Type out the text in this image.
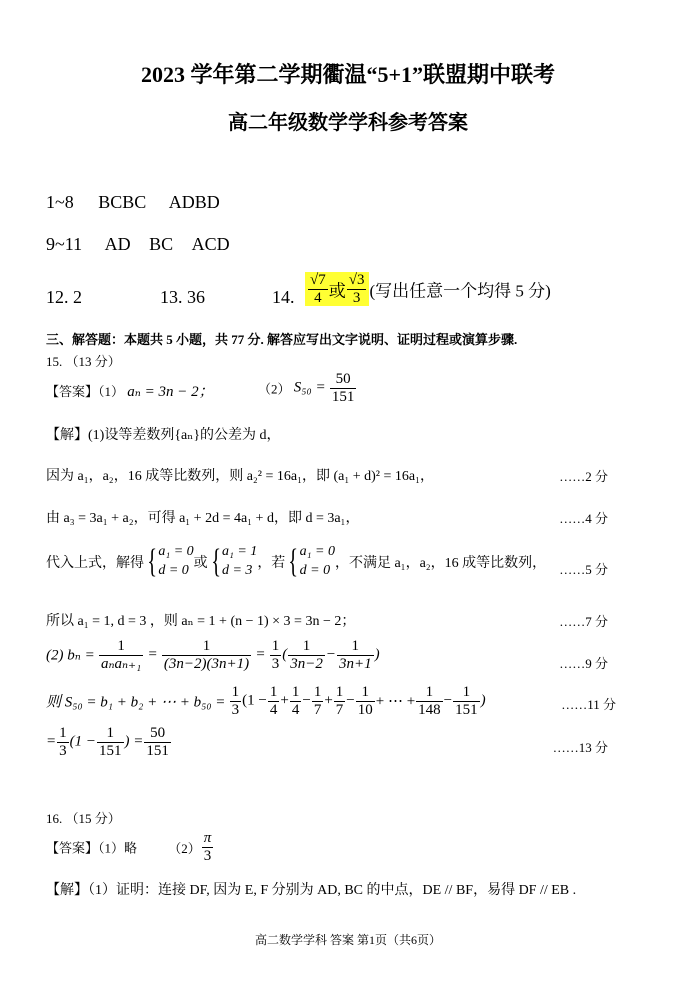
2023 学年第二学期衢温“5+1”联盟期中联考
高二年级数学学科参考答案
1~8 BCBC ADBD
9~11 AD BC ACD
12. 2	13. 36	14. $\frac{√7}{4}$ 或 $\frac{√3}{3}$ (写出任意一个均得 5 分)
三、解答题：本题共 5 小题，共 77 分. 解答应写出文字说明、证明过程或演算步骤.
15. （13 分）
【答案】（1） aₙ = 3n − 2；	（2） $S_{50} = \frac{50}{151}$
【解】(1)设等差数列{aₙ}的公差为 d，
因为 a₁，a₂，16 成等比数列，则 a₂² = 16a₁，即 (a₁ + d)² = 16a₁，	……2 分
由 a₃ = 3a₁ + a₂，可得 a₁ + 2d = 4a₁ + d，即 d = 3a₁，	……4 分
代入上式，解得{ a₁ = 0
d = 0 或{ a₁ = 1
d = 3 ，若{ a₁ = 0
d = 0 ，不满足 a₁，a₂，16 成等比数列， ……5 分
所以 a₁ = 1, d = 3 ，则 aₙ = 1 + (n − 1) × 3 = 3n − 2；	……7 分
(2) $b_n = \frac{1}{\text{aₙaₙ₊₁}} = \frac{1}{(3n-2)(3n+1)} = \frac{1}{3}$ ( $\frac{1}{3n-2} - \frac{1}{3n+1}$ )
……9 分
则 S₅₀ = b₁ + b₂ + ⋯ + $b_{50} = \frac{1}{3} (1 - \frac{1}{4} + \frac{1}{4} - \frac{1}{7} + \frac{1}{7} - \frac{1}{10}$ + ⋯ + $\frac{1}{148} - \frac{1}{151}$ )	……11 分
= $\frac{1}{3} (1 - \frac{1}{151}$ ) = $\frac{50}{151}$	……13 分
16. （15 分）
【答案】（1）略 $(2) \frac{\pi}{3}$
【解】（1）证明：连接 DF, 因为 E, F 分别为 AD, BC 的中点，DE // BF，易得 DF // EB .
高二数学学科 答案 第1页（共6页）
